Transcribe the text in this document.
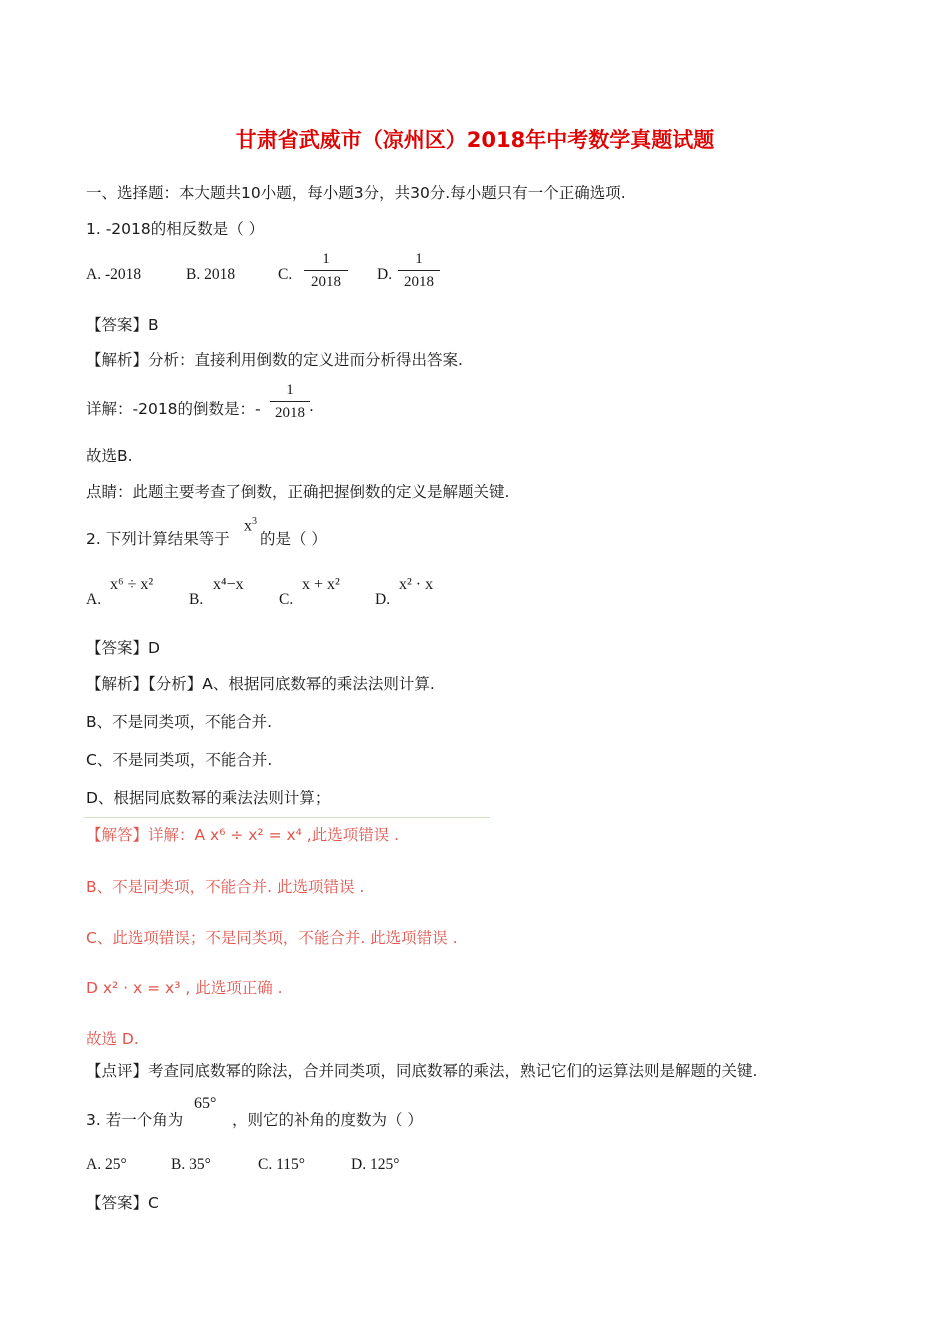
甘肃省武威市（凉州区）2018年中考数学真题试题
一、选择题：本大题共10小题，每小题3分，共30分.每小题只有一个正确选项.
1. -2018的相反数是（ ）
A. -2018	B. 2018	C.
1
2018	D.
1
2018
【答案】B
【解析】分析：直接利用倒数的定义进而分析得出答案.
详解：-2018的倒数是：-
1
2018 .
故选B.
点睛：此题主要考查了倒数，正确把握倒数的定义是解题关键.
2. 下列计算结果等于
$x^3$
的是（ ）
A.
x⁶ ÷ x²
B.
x⁴−x
C.
x + x²
D.
x² · x
【答案】D
【解析】【分析】A、根据同底数幂的乘法法则计算.
B、不是同类项，不能合并.
C、不是同类项，不能合并.
D、根据同底数幂的乘法法则计算；
【解答】详解：A x⁶ ÷ x² = x⁴ ,此选项错误 .
B、不是同类项，不能合并. 此选项错误 .
C、此选项错误；不是同类项，不能合并. 此选项错误 .
D x² · x = x³ , 此选项正确 .
故选 D.
【点评】考查同底数幂的除法，合并同类项，同底数幂的乘法，熟记它们的运算法则是解题的关键.
3. 若一个角为
65°
，则它的补角的度数为（ ）
A. 25°	B. 35°	C. 115°	D. 125°
【答案】C
